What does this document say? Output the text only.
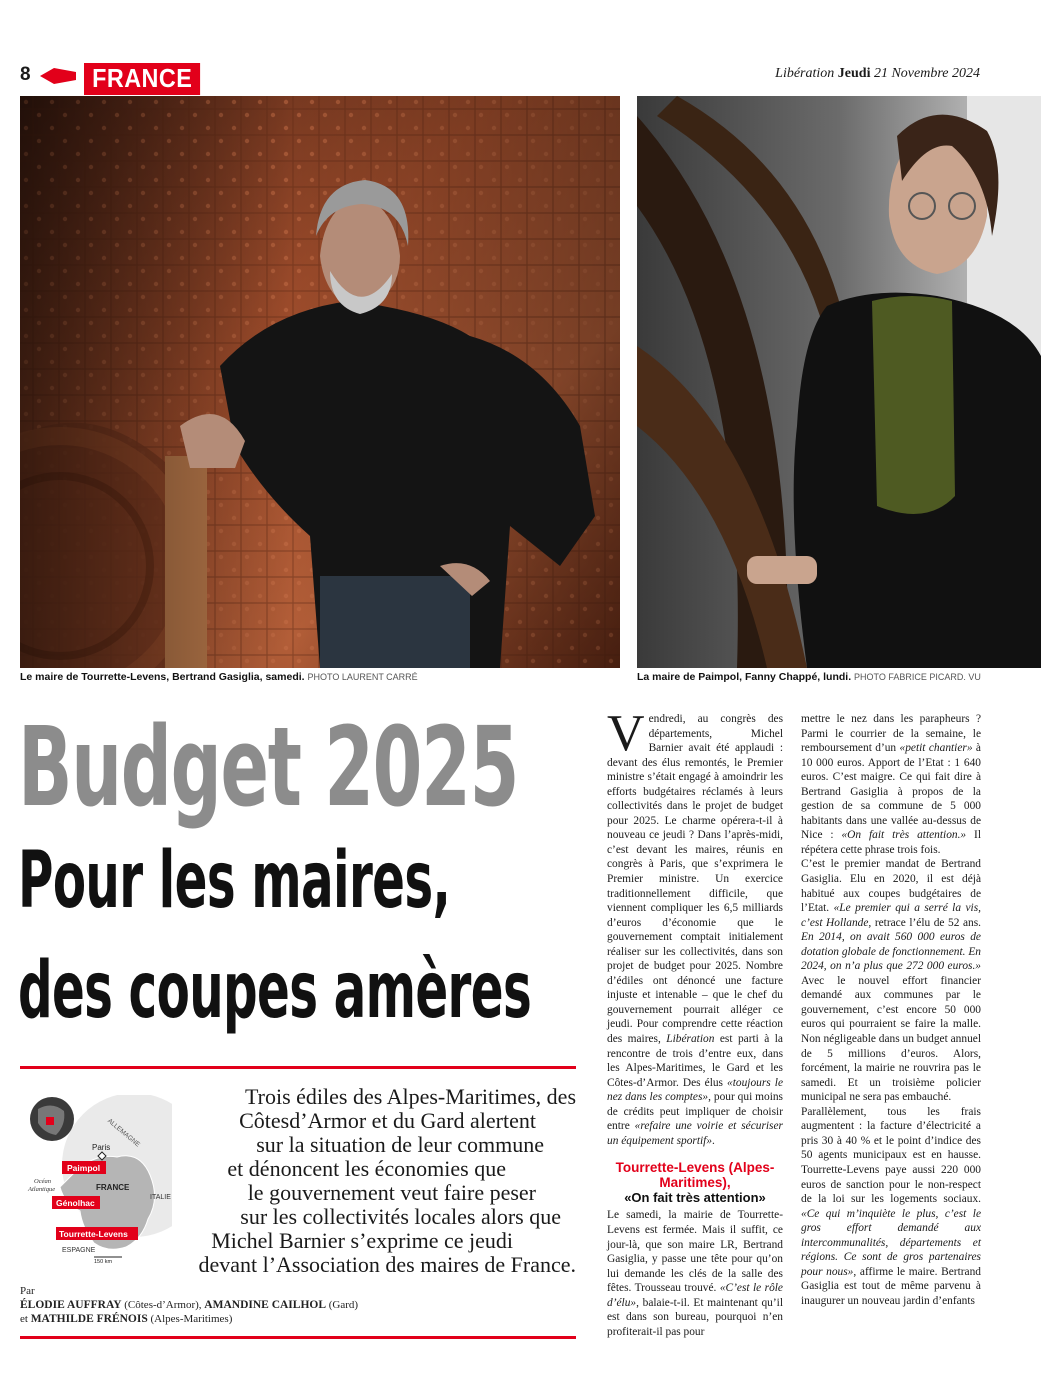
8	FRANCE	Libération Jeudi 21 Novembre 2024
Le maire de Tourrette-Levens, Bertrand Gasiglia, samedi. PHOTO LAURENT CARRÉ	La maire de Paimpol, Fanny Chappé, lundi. PHOTO FABRICE PICARD. VU
Budget 2025
Pour les maires,
des coupes amères
ALLEMAGNE
Paris
FRANCE
Océan
Atlantique
ITALIE
ESPAGNE
Paimpol
Génolhac
Tourrette-Levens
150 km
Trois édiles des Alpes-Maritimes, des
Côtesd’Armor et du Gard alertent
sur la situation de leur commune
et dénoncent les économies que
le gouvernement veut faire peser
sur les collectivités locales alors que
Michel Barnier s’exprime ce jeudi
devant l’Association des maires de France.
Par
ÉLODIE AUFFRAY (Côtes-d’Armor), AMANDINE CAILHOL (Gard)
et MATHILDE FRÉNOIS (Alpes-Maritimes)

Vendredi, au congrès des départements, Michel Barnier avait été applaudi : devant des élus remontés, le Premier ministre s’était engagé à amoindrir les efforts budgétaires réclamés à leurs collectivités dans le projet de budget pour 2025. Le charme opérera-t-il à nouveau ce jeudi ? Dans l’après-midi, c’est devant les maires, réunis en congrès à Paris, que s’exprimera le Premier ministre. Un exercice traditionnellement difficile, que viennent compliquer les 6,5 milliards d’euros d’économie que le gouvernement comptait initialement réaliser sur les collectivités, dans son projet de budget pour 2025. Nombre d’édiles ont dénoncé une facture injuste et intenable – que le chef du gouvernement pourrait alléger ce jeudi. Pour comprendre cette réaction des maires, Libération est parti à la rencontre de trois d’entre eux, dans les Alpes-Maritimes, le Gard et les Côtes-d’Armor. Des élus «toujours le nez dans les comptes», pour qui moins de crédits peut impliquer de choisir entre «refaire une voirie et sécuriser un équipement sportif».

Tourrette-Levens (Alpes-Maritimes),
«On fait très attention»

Le samedi, la mairie de Tourrette-Levens est fermée. Mais il suffit, ce jour-là, que son maire LR, Bertrand Gasiglia, y passe une tête pour qu’on lui demande les clés de la salle des fêtes. Trousseau trouvé. «C’est le rôle d’élu», balaie-t-il. Et maintenant qu’il est dans son bureau, pourquoi n’en profiterait-il pas pour

mettre le nez dans les parapheurs ? Parmi le courrier de la semaine, le remboursement d’un «petit chantier» à 10 000 euros. Apport de l’Etat : 1 640 euros. C’est maigre. Ce qui fait dire à Bertrand Gasiglia à propos de la gestion de sa commune de 5 000 habitants dans une vallée au-dessus de Nice : «On fait très attention.» Il répétera cette phrase trois fois.

C’est le premier mandat de Bertrand Gasiglia. Elu en 2020, il est déjà habitué aux coupes budgétaires de l’Etat. «Le premier qui a serré la vis, c’est Hollande, retrace l’élu de 52 ans. En 2014, on avait 560 000 euros de dotation globale de fonctionnement. En 2024, on n’a plus que 272 000 euros.» Avec le nouvel effort financier demandé aux communes par le gouvernement, c’est encore 50 000 euros qui pourraient se faire la malle. Non négligeable dans un budget annuel de 5 millions d’euros. Alors, forcément, la mairie ne rouvrira pas le samedi. Et un troisième policier municipal ne sera pas embauché.

Parallèlement, tous les frais augmentent : la facture d’électricité a pris 30 à 40 % et le point d’indice des 50 agents municipaux est en hausse. Tourrette-Levens paye aussi 220 000 euros de sanction pour le non-respect de la loi sur les logements sociaux. «Ce qui m’inquiète le plus, c’est le gros effort demandé aux intercommunalités, départements et régions. Ce sont de gros partenaires pour nous», affirme le maire. Bertrand Gasiglia est tout de même parvenu à inaugurer un nouveau jardin d’enfants
